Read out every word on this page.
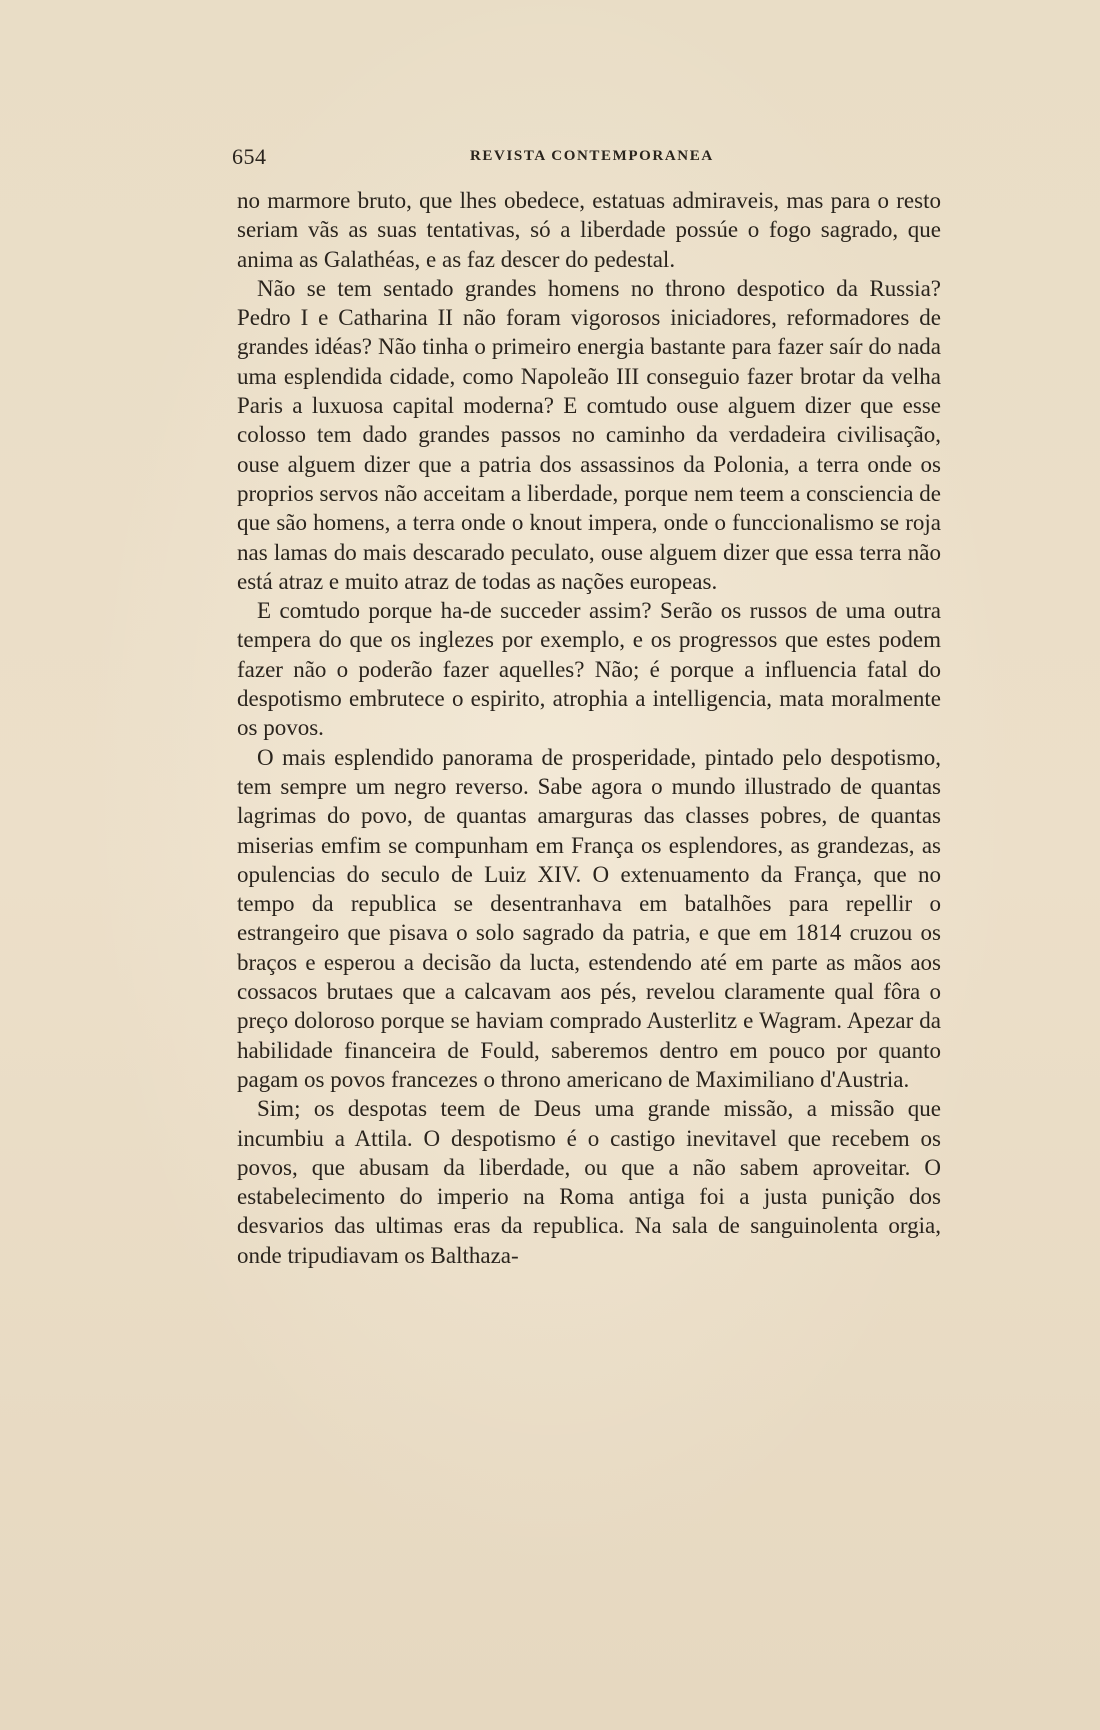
654	REVISTA CONTEMPORANEA

no marmore bruto, que lhes obedece, estatuas admiraveis, mas para o resto seriam vãs as suas tentativas, só a liberdade possúe o fogo sagrado, que anima as Galathéas, e as faz descer do pedestal.

Não se tem sentado grandes homens no throno despotico da Russia? Pedro I e Catharina II não foram vigorosos iniciadores, reformadores de grandes idéas? Não tinha o primeiro energia bastante para fazer saír do nada uma esplendida cidade, como Napoleão III conseguio fazer brotar da velha Paris a luxuosa capital moderna? E comtudo ouse alguem dizer que esse colosso tem dado grandes passos no caminho da verdadeira civilisação, ouse alguem dizer que a patria dos assassinos da Polonia, a terra onde os proprios servos não acceitam a liberdade, porque nem teem a consciencia de que são homens, a terra onde o knout impera, onde o funccionalismo se roja nas lamas do mais descarado peculato, ouse alguem dizer que essa terra não está atraz e muito atraz de todas as nações europeas.

E comtudo porque ha-de succeder assim? Serão os russos de uma outra tempera do que os inglezes por exemplo, e os progressos que estes podem fazer não o poderão fazer aquelles? Não; é porque a influencia fatal do despotismo embrutece o espirito, atrophia a intelligencia, mata moralmente os povos.

O mais esplendido panorama de prosperidade, pintado pelo despotismo, tem sempre um negro reverso. Sabe agora o mundo illustrado de quantas lagrimas do povo, de quantas amarguras das classes pobres, de quantas miserias emfim se compunham em França os esplendores, as grandezas, as opulencias do seculo de Luiz XIV. O extenuamento da França, que no tempo da republica se desentranhava em batalhões para repellir o estrangeiro que pisava o solo sagrado da patria, e que em 1814 cruzou os braços e esperou a decisão da lucta, estendendo até em parte as mãos aos cossacos brutaes que a calcavam aos pés, revelou claramente qual fôra o preço doloroso porque se haviam comprado Austerlitz e Wagram. Apezar da habilidade financeira de Fould, saberemos dentro em pouco por quanto pagam os povos francezes o throno americano de Maximiliano d'Austria.

Sim; os despotas teem de Deus uma grande missão, a missão que incumbiu a Attila. O despotismo é o castigo inevitavel que recebem os povos, que abusam da liberdade, ou que a não sabem aproveitar. O estabelecimento do imperio na Roma antiga foi a justa punição dos desvarios das ultimas eras da republica. Na sala de sanguinolenta orgia, onde tripudiavam os Balthaza-
